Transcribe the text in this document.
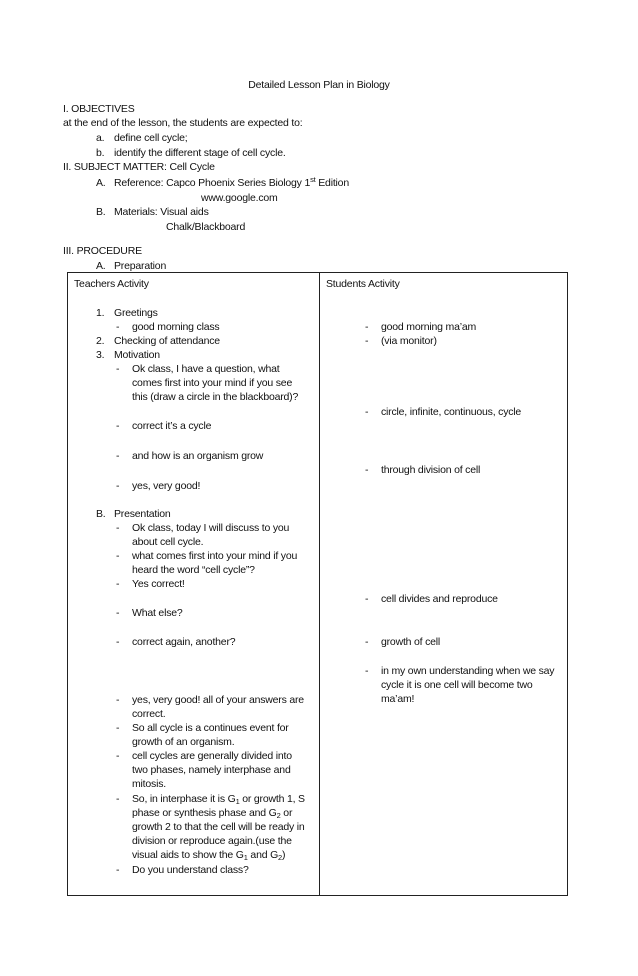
Detailed Lesson Plan in Biology
I. OBJECTIVES
at the end of the lesson, the students are expected to:
a. define cell cycle;
b. identify the different stage of cell cycle.
II. SUBJECT MATTER: Cell Cycle
A. Reference: Capco Phoenix Series Biology 1st Edition
www.google.com
B. Materials: Visual aids
Chalk/Blackboard
III. PROCEDURE
A. Preparation
Teachers Activity	Students Activity
1. Greetings
- good morning class
2. Checking of attendance
3. Motivation
- Ok class, I have a question, what
comes first into your mind if you see
this (draw a circle in the blackboard)?
- correct it’s a cycle
- and how is an organism grow
- yes, very good!
B. Presentation
- Ok class, today I will discuss to you
about cell cycle.
- what comes first into your mind if you
heard the word “cell cycle”?
- Yes correct!
- What else?
- correct again, another?
- yes, very good! all of your answers are
correct.
- So all cycle is a continues event for
growth of an organism.
- cell cycles are generally divided into
two phases, namely interphase and
mitosis.
- So, in interphase it is $G_1$ or growth 1, S
phase or synthesis phase and $G_2$ or
growth 2 to that the cell will be ready in
division or reproduce again.(use the
visual aids to show the $G_1$ and $G_2$)
- Do you understand class?
- good morning ma’am
- (via monitor)
- circle, infinite, continuous, cycle
- through division of cell
- cell divides and reproduce
- growth of cell
- in my own understanding when we say
cycle it is one cell will become two
ma’am!
